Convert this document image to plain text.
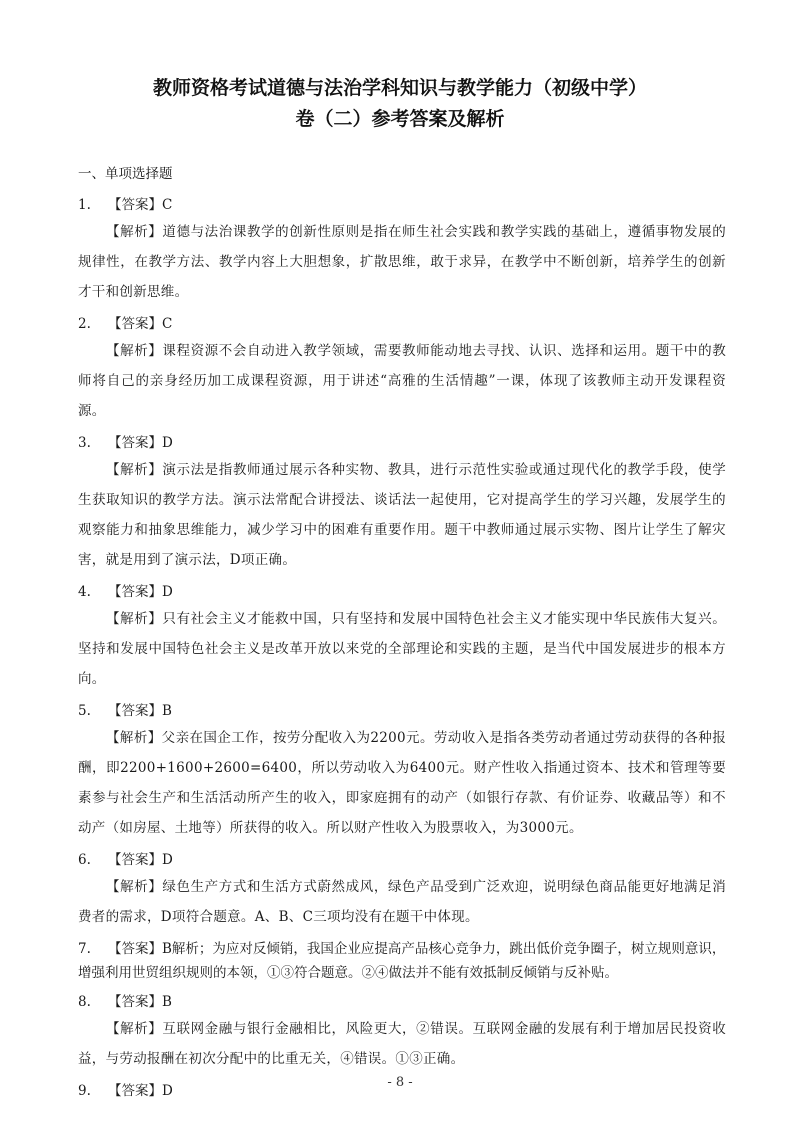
教师资格考试道德与法治学科知识与教学能力（初级中学）
卷（二）参考答案及解析
一、单项选择题
1. 【答案】C
【解析】道德与法治课教学的创新性原则是指在师生社会实践和教学实践的基础上，遵循事物发展的规律性，在教学方法、教学内容上大胆想象，扩散思维，敢于求异，在教学中不断创新，培养学生的创新才干和创新思维。
2. 【答案】C
【解析】课程资源不会自动进入教学领域，需要教师能动地去寻找、认识、选择和运用。题干中的教师将自己的亲身经历加工成课程资源，用于讲述“高雅的生活情趣”一课，体现了该教师主动开发课程资源。
3. 【答案】D
【解析】演示法是指教师通过展示各种实物、教具，进行示范性实验或通过现代化的教学手段，使学生获取知识的教学方法。演示法常配合讲授法、谈话法一起使用，它对提高学生的学习兴趣，发展学生的观察能力和抽象思维能力，减少学习中的困难有重要作用。题干中教师通过展示实物、图片让学生了解灾害，就是用到了演示法，D项正确。
4. 【答案】D
【解析】只有社会主义才能救中国，只有坚持和发展中国特色社会主义才能实现中华民族伟大复兴。坚持和发展中国特色社会主义是改革开放以来党的全部理论和实践的主题，是当代中国发展进步的根本方向。
5. 【答案】B
【解析】父亲在国企工作，按劳分配收入为2200元。劳动收入是指各类劳动者通过劳动获得的各种报酬，即2200+1600+2600=6400，所以劳动收入为6400元。财产性收入指通过资本、技术和管理等要素参与社会生产和生活活动所产生的收入，即家庭拥有的动产（如银行存款、有价证券、收藏品等）和不动产（如房屋、土地等）所获得的收入。所以财产性收入为股票收入，为3000元。
6. 【答案】D
【解析】绿色生产方式和生活方式蔚然成风，绿色产品受到广泛欢迎，说明绿色商品能更好地满足消费者的需求，D项符合题意。A、B、C三项均没有在题干中体现。
7. 【答案】B解析；为应对反倾销，我国企业应提高产品核心竞争力，跳出低价竞争圈子，树立规则意识，增强利用世贸组织规则的本领，①③符合题意。②④做法并不能有效抵制反倾销与反补贴。
8. 【答案】B
【解析】互联网金融与银行金融相比，风险更大，②错误。互联网金融的发展有利于增加居民投资收益，与劳动报酬在初次分配中的比重无关，④错误。①③正确。
9. 【答案】D
- 8 -
